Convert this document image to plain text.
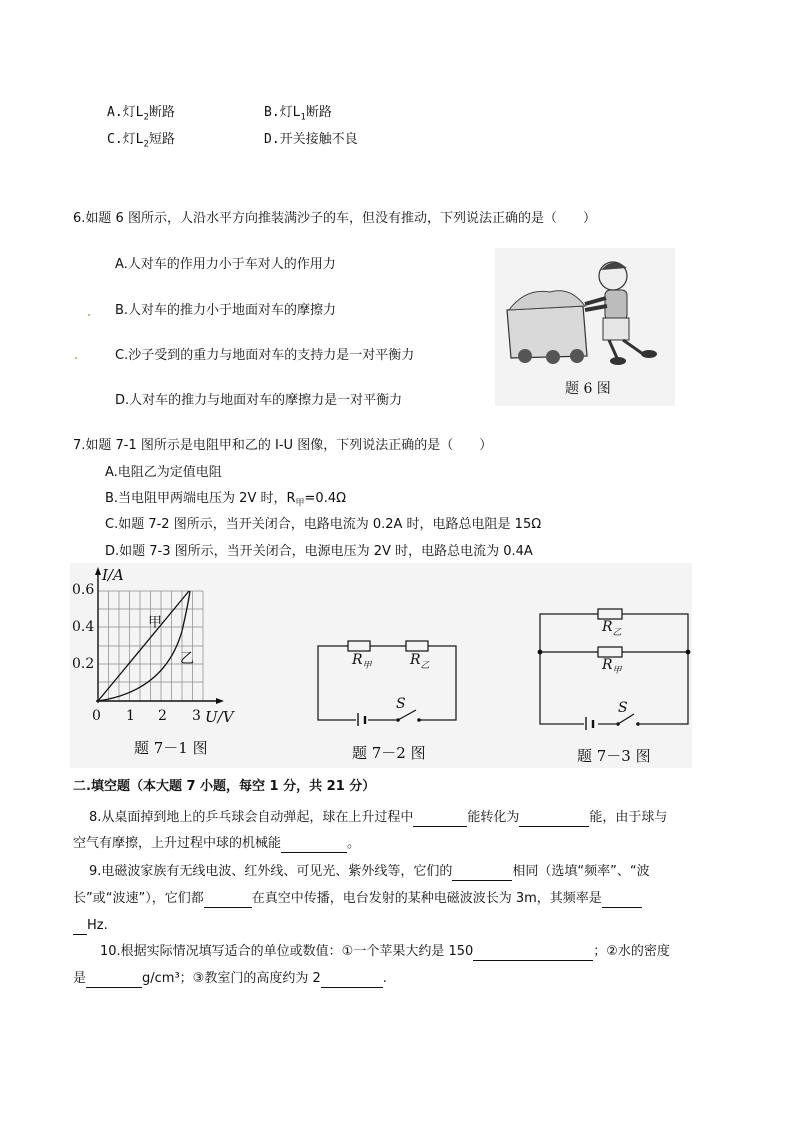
A.灯$L_2$断路	B.灯$L_1$断路
C.灯$L_2$短路	D.开关接触不良
6.如题 6 图所示，人沿水平方向推装满沙子的车，但没有推动，下列说法正确的是（　　）
A.人对车的作用力小于车对人的作用力
B.人对车的推力小于地面对车的摩擦力
C.沙子受到的重力与地面对车的支持力是一对平衡力
D.人对车的推力与地面对车的摩擦力是一对平衡力
题 6 图
7.如题 7-1 图所示是电阻甲和乙的 I-U 图像，下列说法正确的是（　　）
A.电阻乙为定值电阻
B.当电阻甲两端电压为 2V 时，$R_甲=0.4\Omega$
C.如题 7-2 图所示，当开关闭合，电路电流为 0.2A 时，电路总电阻是 15Ω
D.如题 7-3 图所示，当开关闭合，电源电压为 2V 时，电路总电流为 0.4A
I/A
0.6
0.4
0.2
0 1 2 3 U/V
甲
乙
题 7－1 图
$R_甲$	$R_乙$
S
题 7－2 图
$R_乙$
$R_甲$
S
题 7－3 图
二.填空题（本大题 7 小题，每空 1 分，共 21 分）
8.从桌面掉到地上的乒乓球会自动弹起，球在上升过程中	能转化为	能，由于球与
空气有摩擦，上升过程中球的机械能	。
9.电磁波家族有无线电波、红外线、可见光、紫外线等，它们的	相同（选填“频率”、“波
长”或“波速”），它们都	在真空中传播，电台发射的某种电磁波波长为 3m，其频率是
Hz.
10.根据实际情况填写适合的单位或数值：①一个苹果大约是 150	；②水的密度
是	g/cm³；③教室门的高度约为 2	.
